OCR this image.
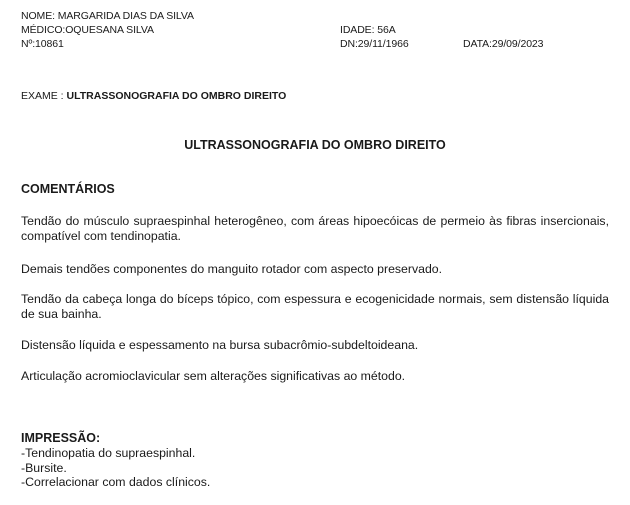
NOME: MARGARIDA DIAS DA SILVA
MÉDICO:OQUESANA SILVA
Nº:10861
IDADE: 56A
DN:29/11/1966	DATA:29/09/2023
EXAME : ULTRASSONOGRAFIA DO OMBRO DIREITO
ULTRASSONOGRAFIA DO OMBRO DIREITO
COMENTÁRIOS
Tendão do músculo supraespinhal heterogêneo, com áreas hipoecóicas de permeio às fibras insercionais, compatível com tendinopatia.
Demais tendões componentes do manguito rotador com aspecto preservado.
Tendão da cabeça longa do bíceps tópico, com espessura e ecogenicidade normais, sem distensão líquida de sua bainha.
Distensão líquida e espessamento na bursa subacrômio-subdeltoideana.
Articulação acromioclavicular sem alterações significativas ao método.
IMPRESSÃO:
-Tendinopatia do supraespinhal.
-Bursite.
-Correlacionar com dados clínicos.
